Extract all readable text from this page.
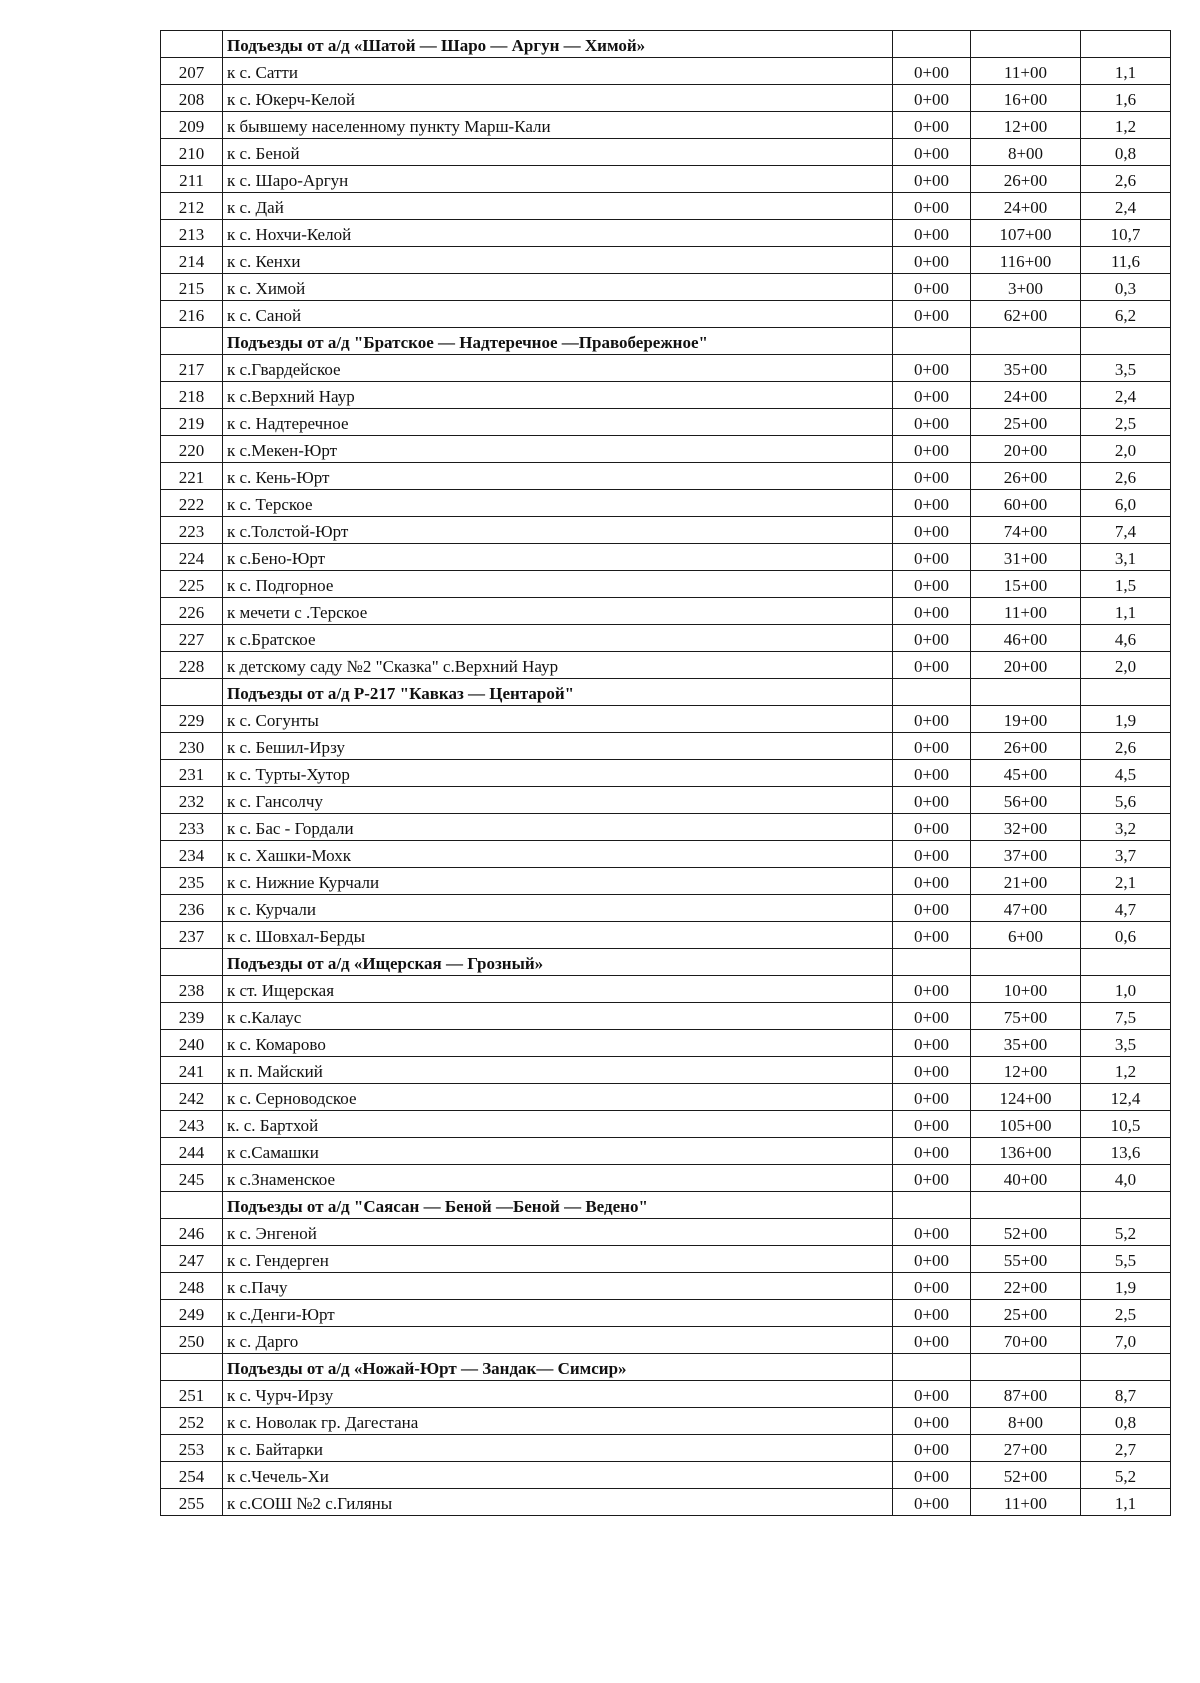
	Подъезды от а/д «Шатой — Шаро — Аргун — Химой»			
207	к с. Сатти	0+00	11+00	1,1
208	к с. Юкерч-Келой	0+00	16+00	1,6
209	к бывшему населенному пункту Марш-Кали	0+00	12+00	1,2
210	к с. Беной	0+00	8+00	0,8
211	к с. Шаро-Аргун	0+00	26+00	2,6
212	к с. Дай	0+00	24+00	2,4
213	к с. Нохчи-Келой	0+00	107+00	10,7
214	к с. Кенхи	0+00	116+00	11,6
215	к с. Химой	0+00	3+00	0,3
216	к с. Саной	0+00	62+00	6,2
	Подъезды от а/д "Братское — Надтеречное —Правобережное"			
217	к с.Гвардейское	0+00	35+00	3,5
218	к с.Верхний Наур	0+00	24+00	2,4
219	к с. Надтеречное	0+00	25+00	2,5
220	к с.Мекен-Юрт	0+00	20+00	2,0
221	к с. Кень-Юрт	0+00	26+00	2,6
222	к с. Терское	0+00	60+00	6,0
223	к с.Толстой-Юрт	0+00	74+00	7,4
224	к с.Бено-Юрт	0+00	31+00	3,1
225	к с. Подгорное	0+00	15+00	1,5
226	к мечети с .Терское	0+00	11+00	1,1
227	к с.Братское	0+00	46+00	4,6
228	к детскому саду №2 "Сказка" с.Верхний Наур	0+00	20+00	2,0
	Подъезды от а/д Р-217 "Кавказ — Центарой"			
229	к с. Согунты	0+00	19+00	1,9
230	к с. Бешил-Ирзу	0+00	26+00	2,6
231	к с. Турты-Хутор	0+00	45+00	4,5
232	к с. Гансолчу	0+00	56+00	5,6
233	к с. Бас - Гордали	0+00	32+00	3,2
234	к с. Хашки-Мохк	0+00	37+00	3,7
235	к с. Нижние Курчали	0+00	21+00	2,1
236	к с. Курчали	0+00	47+00	4,7
237	к с. Шовхал-Берды	0+00	6+00	0,6
	Подъезды от а/д «Ищерская — Грозный»			
238	к ст. Ищерская	0+00	10+00	1,0
239	к с.Калаус	0+00	75+00	7,5
240	к с. Комарово	0+00	35+00	3,5
241	к п. Майский	0+00	12+00	1,2
242	к с. Серноводское	0+00	124+00	12,4
243	к. с. Бартхой	0+00	105+00	10,5
244	к с.Самашки	0+00	136+00	13,6
245	к с.Знаменское	0+00	40+00	4,0
	Подъезды от а/д "Саясан — Беной —Беной — Ведено"			
246	к с. Энгеной	0+00	52+00	5,2
247	к с. Гендерген	0+00	55+00	5,5
248	к с.Пачу	0+00	22+00	1,9
249	к с.Денги-Юрт	0+00	25+00	2,5
250	к с. Дарго	0+00	70+00	7,0
	Подъезды от а/д «Ножай-Юрт — Зандак— Симсир»			
251	к с. Чурч-Ирзу	0+00	87+00	8,7
252	к с. Новолак гр. Дагестана	0+00	8+00	0,8
253	к с. Байтарки	0+00	27+00	2,7
254	к с.Чечель-Хи	0+00	52+00	5,2
255	к с.СОШ №2 с.Гиляны	0+00	11+00	1,1
